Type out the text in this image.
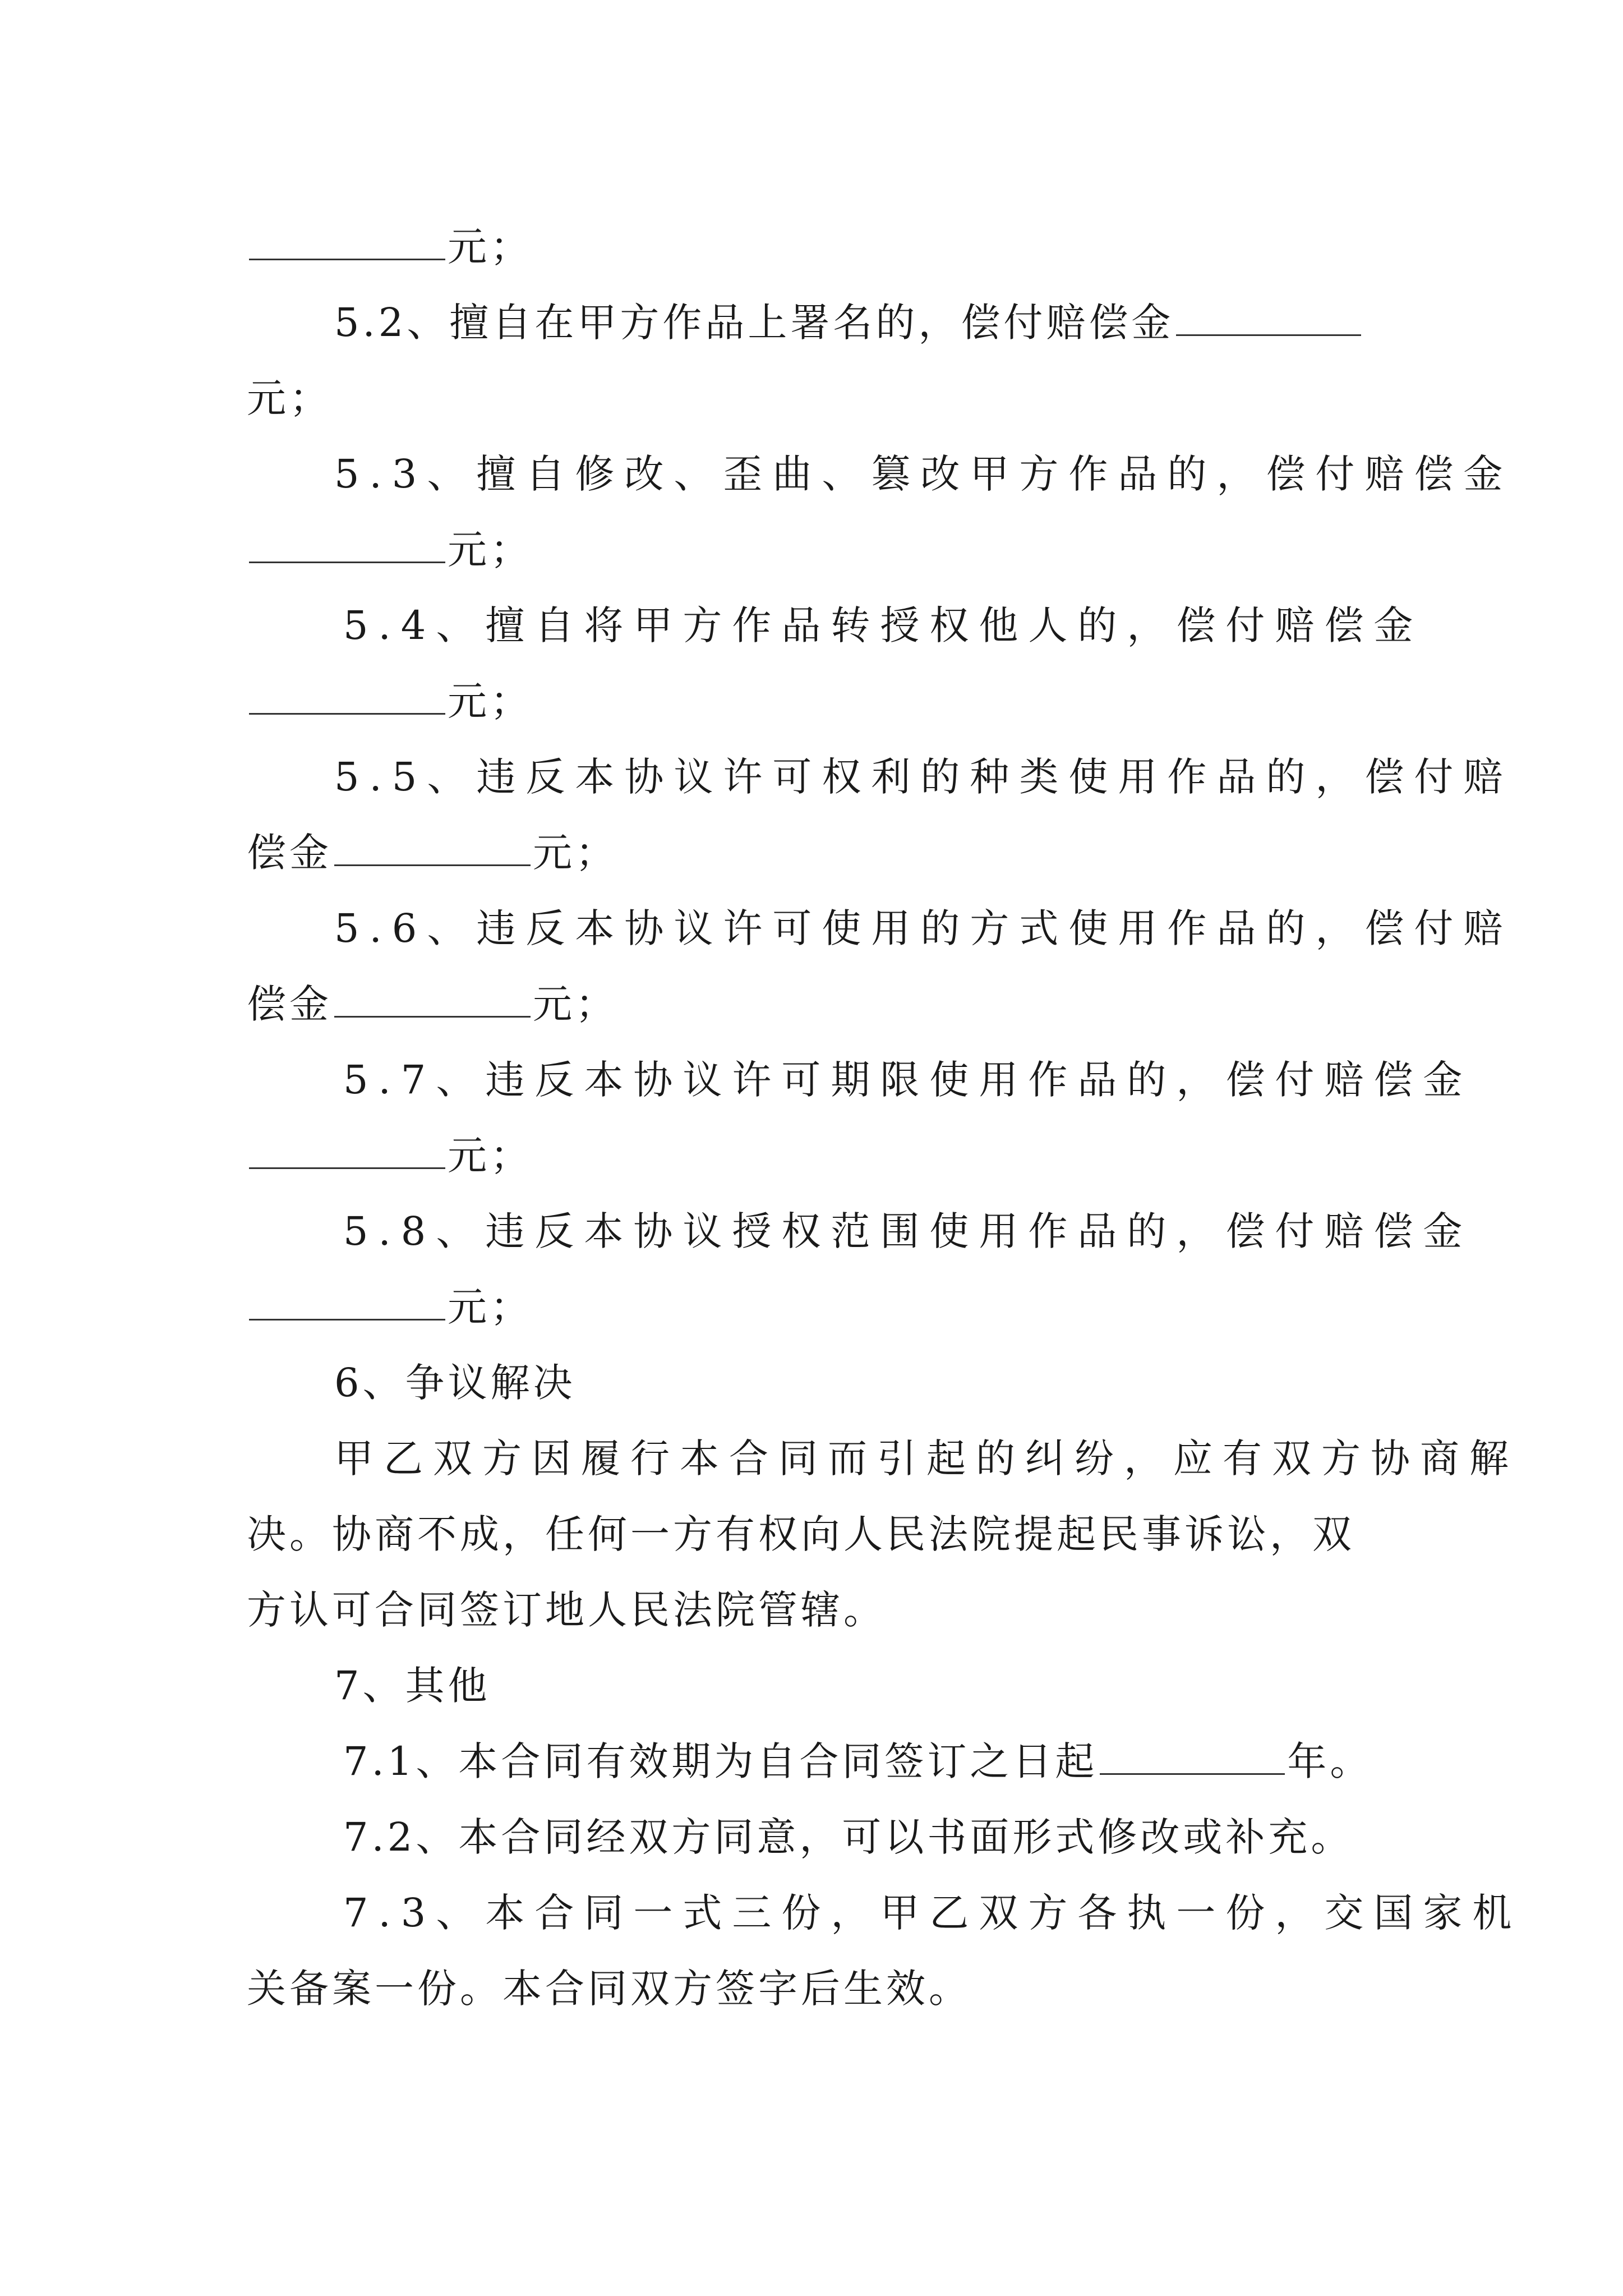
元；
5.2、擅自在甲方作品上署名的，偿付赔偿金
元；
5.3、擅自修改、歪曲、篡改甲方作品的，偿付赔偿金
元；
5.4、擅自将甲方作品转授权他人的，偿付赔偿金
元；
5.5、违反本协议许可权利的种类使用作品的，偿付赔
偿金	元；
5.6、违反本协议许可使用的方式使用作品的，偿付赔
偿金	元；
5.7、违反本协议许可期限使用作品的，偿付赔偿金
元；
5.8、违反本协议授权范围使用作品的，偿付赔偿金
元；
6、争议解决
甲乙双方因履行本合同而引起的纠纷，应有双方协商解
决。协商不成，任何一方有权向人民法院提起民事诉讼，双
方认可合同签订地人民法院管辖。
7、其他
7.1、本合同有效期为自合同签订之日起	年。
7.2、本合同经双方同意，可以书面形式修改或补充。
7.3、本合同一式三份，甲乙双方各执一份，交国家机
关备案一份。本合同双方签字后生效。
